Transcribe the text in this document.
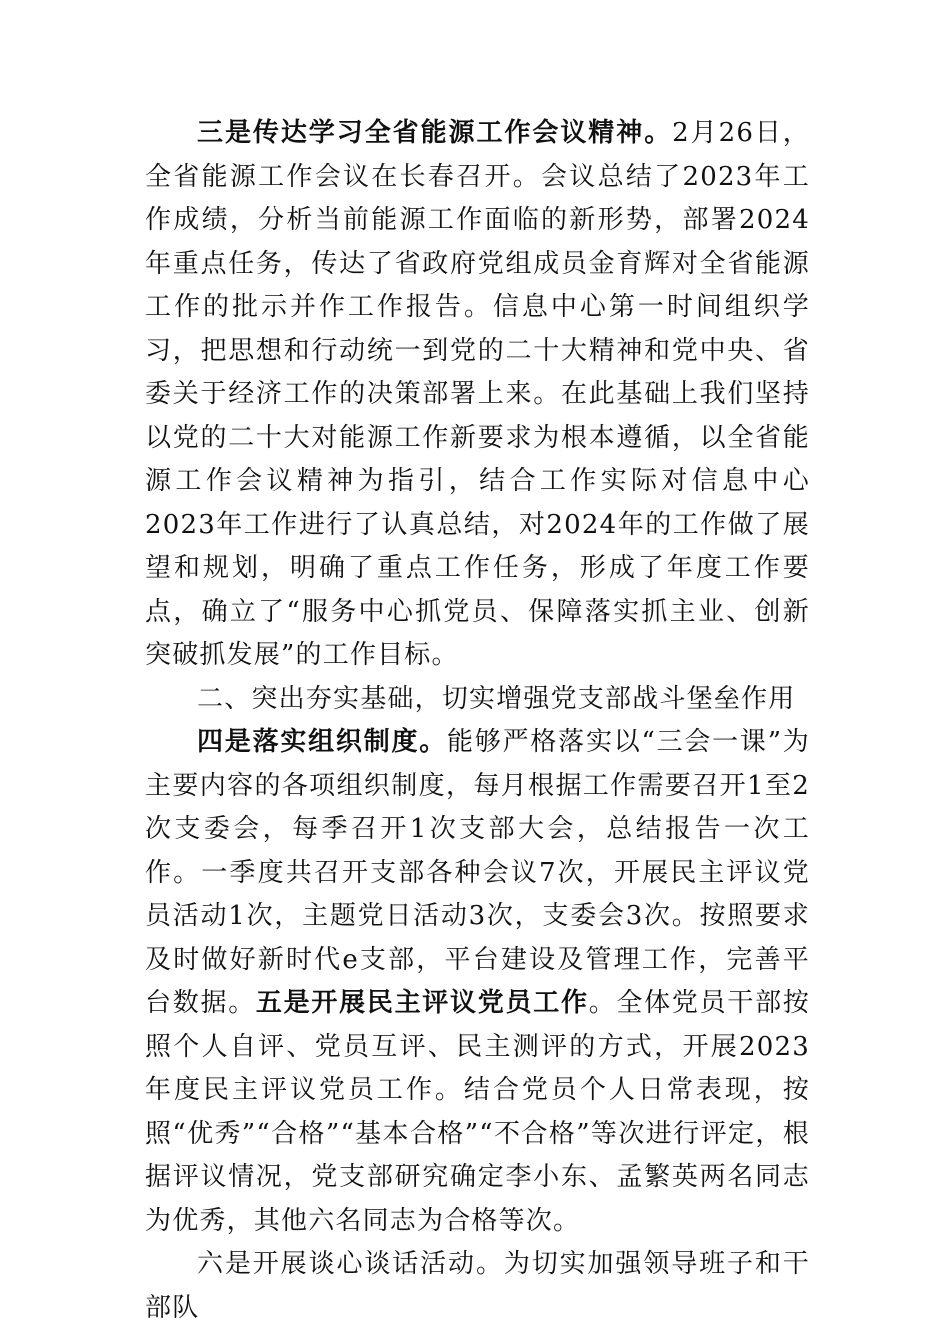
三是传达学习全省能源工作会议精神。2月26日，全省能源工作会议在长春召开。会议总结了2023年工作成绩，分析当前能源工作面临的新形势，部署2024年重点任务，传达了省政府党组成员金育辉对全省能源工作的批示并作工作报告。信息中心第一时间组织学习，把思想和行动统一到党的二十大精神和党中央、省委关于经济工作的决策部署上来。在此基础上我们坚持以党的二十大对能源工作新要求为根本遵循，以全省能源工作会议精神为指引，结合工作实际对信息中心2023年工作进行了认真总结，对2024年的工作做了展望和规划，明确了重点工作任务，形成了年度工作要点，确立了“服务中心抓党员、保障落实抓主业、创新突破抓发展”的工作目标。

二、突出夯实基础，切实增强党支部战斗堡垒作用

四是落实组织制度。能够严格落实以“三会一课”为主要内容的各项组织制度，每月根据工作需要召开1至2次支委会，每季召开1次支部大会，总结报告一次工作。一季度共召开支部各种会议7次，开展民主评议党员活动1次，主题党日活动3次，支委会3次。按照要求及时做好新时代e支部，平台建设及管理工作，完善平台数据。五是开展民主评议党员工作。全体党员干部按照个人自评、党员互评、民主测评的方式，开展2023年度民主评议党员工作。结合党员个人日常表现，按照“优秀”“合格”“基本合格”“不合格”等次进行评定，根据评议情况，党支部研究确定李小东、孟繁英两名同志为优秀，其他六名同志为合格等次。

六是开展谈心谈话活动。为切实加强领导班子和干部队
